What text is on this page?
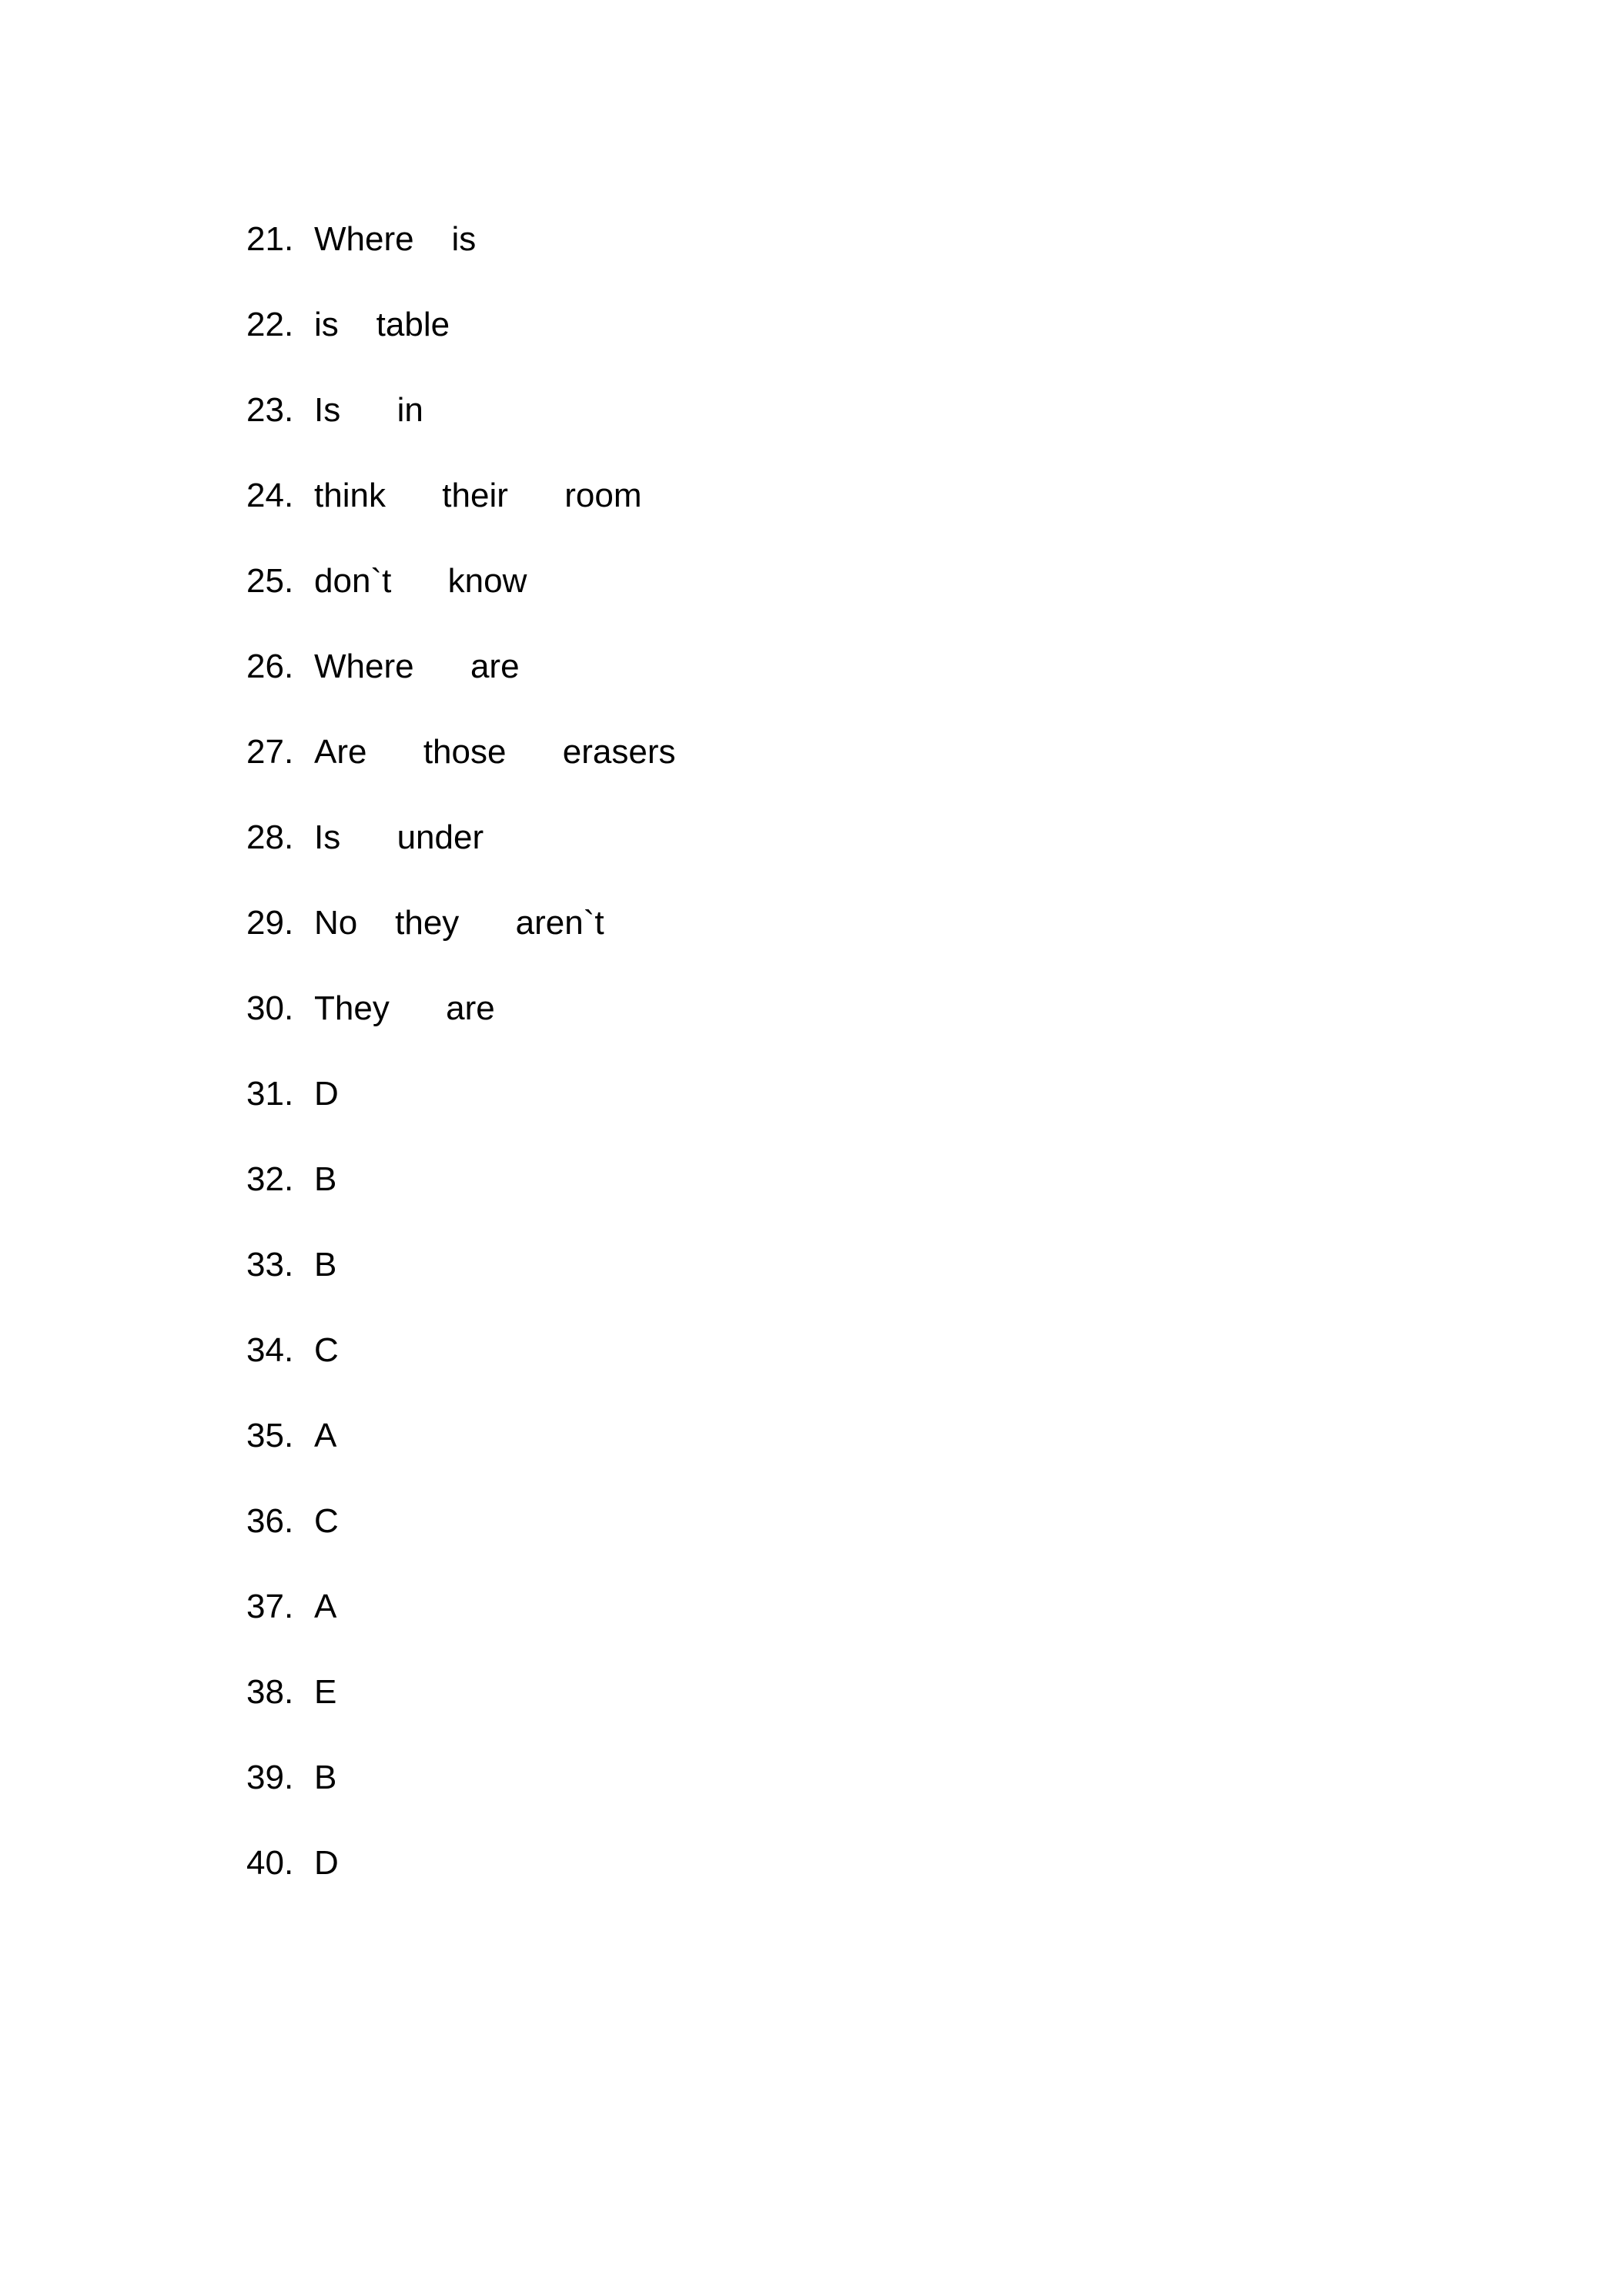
21. Where    is
22. is    table
23. Is      in
24. think      their      room
25. don`t      know
26. Where      are
27. Are      those      erasers
28. Is      under
29. No    they      aren`t
30. They      are
31. D
32. B
33. B
34. C
35. A
36. C
37. A
38. E
39. B
40. D
